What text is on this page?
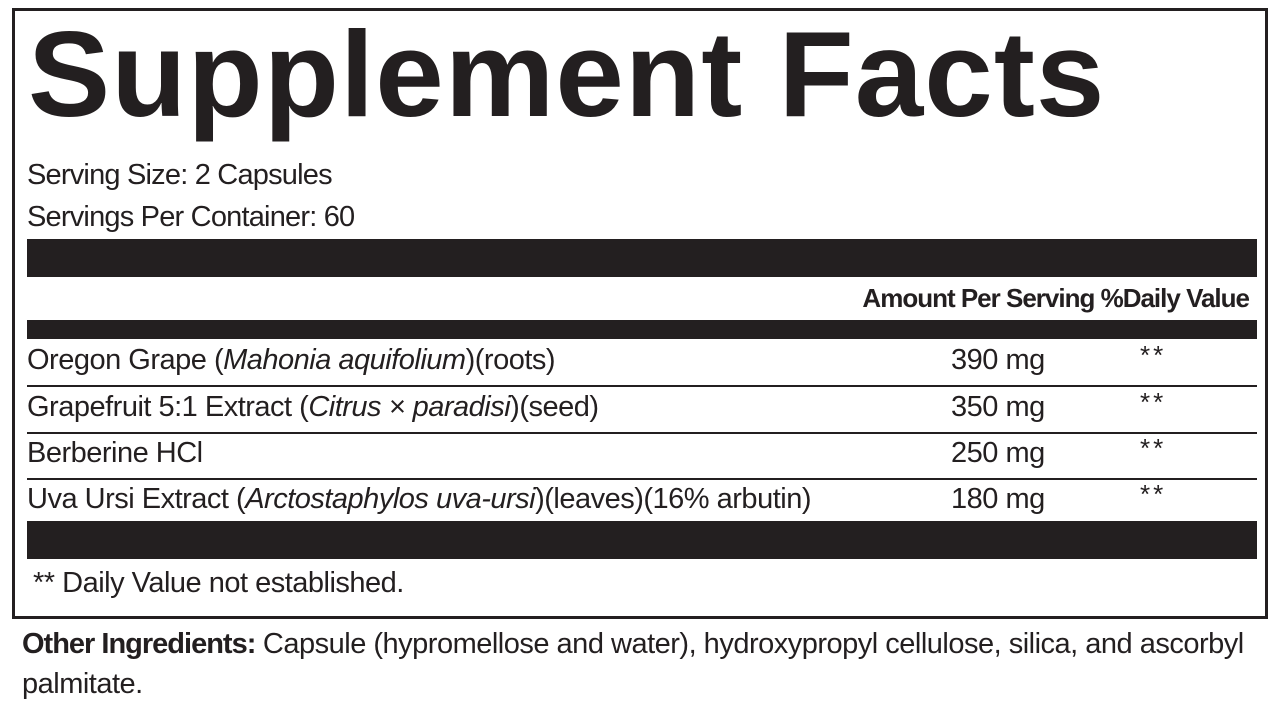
Supplement Facts
Serving Size: 2 Capsules
Servings Per Container: 60
Amount Per Serving %Daily Value
Oregon Grape (Mahonia aquifolium)(roots)	390 mg	**
Grapefruit 5:1 Extract (Citrus × paradisi)(seed)	350 mg	**
Berberine HCl	250 mg	**
Uva Ursi Extract (Arctostaphylos uva-ursi)(leaves)(16% arbutin)	180 mg	**
** Daily Value not established.
Other Ingredients: Capsule (hypromellose and water), hydroxypropyl cellulose, silica, and ascorbyl palmitate.
